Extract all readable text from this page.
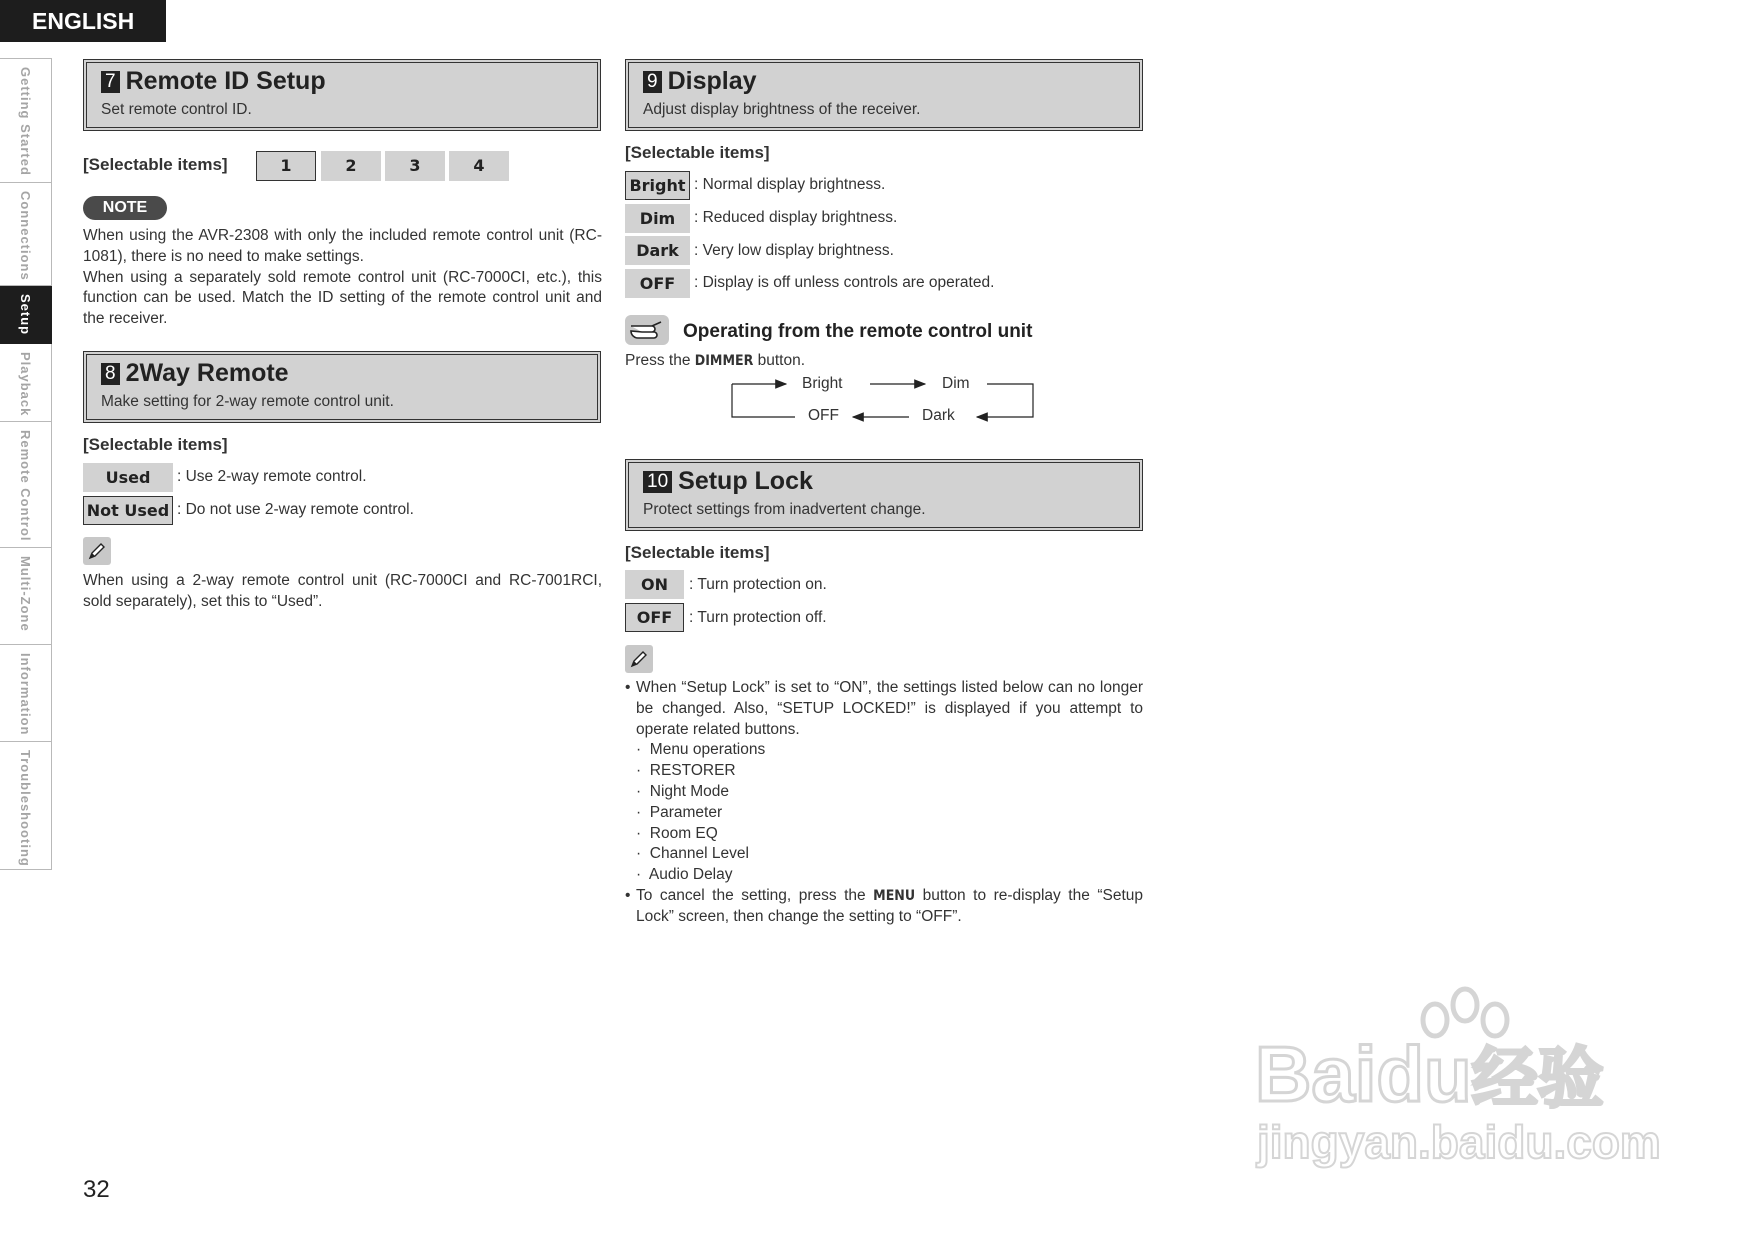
ENGLISH
Getting Started
Connections
Setup
Playback
Remote Control
Multi-Zone
Information
Troubleshooting
7 Remote ID Setup
Set remote control ID.
[Selectable items]	1	2	3	4
NOTE
When using the AVR-2308 with only the included remote control unit (RC-1081), there is no need to make settings.
When using a separately sold remote control unit (RC-7000CI, etc.), this function can be used. Match the ID setting of the remote control unit and the receiver.
8 2Way Remote
Make setting for 2-way remote control unit.
[Selectable items]
Used	: Use 2-way remote control.
Not Used : Do not use 2-way remote control.
When using a 2-way remote control unit (RC-7000CI and RC-7001RCI, sold separately), set this to “Used”.
9 Display
Adjust display brightness of the receiver.
[Selectable items]
Bright : Normal display brightness.
Dim	: Reduced display brightness.
Dark : Very low display brightness.
OFF	: Display is off unless controls are operated.
Operating from the remote control unit
Press the DIMMER button.
Bright	Dim
Dark
OFF
10 Setup Lock
Protect settings from inadvertent change.
[Selectable items]
ON	: Turn protection on.
OFF	: Turn protection off.
• When “Setup Lock” is set to “ON”, the settings listed below can no longer be changed. Also, “SETUP LOCKED!” is displayed if you attempt to operate related buttons.
·  Menu operations
·  RESTORER
·  Night Mode
·  Parameter
·  Room EQ
·  Channel Level
·  Audio Delay
• To cancel the setting, press the MENU button to re-display the “Setup Lock” screen, then change the setting to “OFF”.
32
Baidu经验
jingyan.baidu.com
